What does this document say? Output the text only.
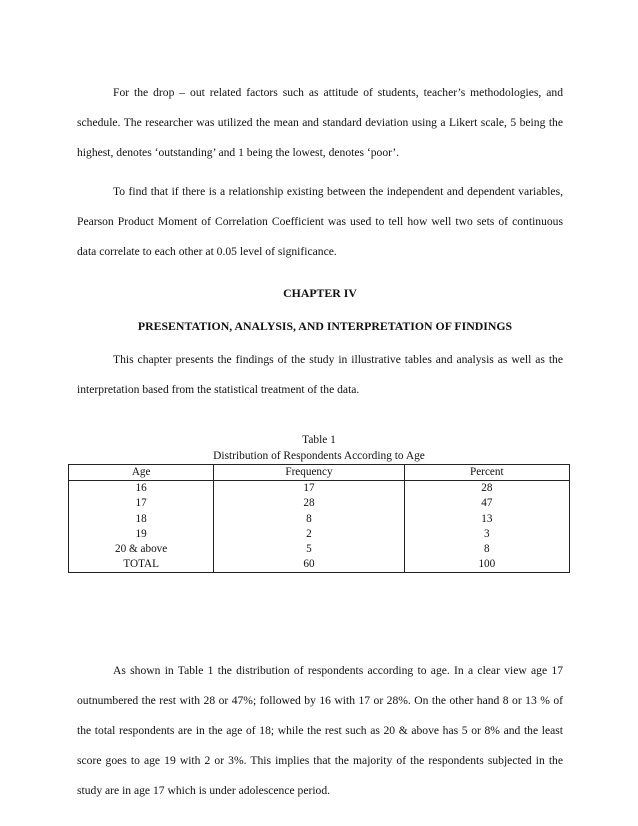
For the drop – out related factors such as attitude of students, teacher’s methodologies, and schedule. The researcher was utilized the mean and standard deviation using a Likert scale, 5 being the highest, denotes ‘outstanding’ and 1 being the lowest, denotes ‘poor’.

To find that if there is a relationship existing between the independent and dependent variables, Pearson Product Moment of Correlation Coefficient was used to tell how well two sets of continuous data correlate to each other at 0.05 level of significance.

CHAPTER IV
PRESENTATION, ANALYSIS, AND INTERPRETATION OF FINDINGS

This chapter presents the findings of the study in illustrative tables and analysis as well as the interpretation based from the statistical treatment of the data.

Table 1

Distribution of Respondents According to Age

Age	Frequency	Percent
16	17	28
17	28	47
18	8	13
19	2	3
20 & above	5	8
TOTAL	60	100

As shown in Table 1 the distribution of respondents according to age. In a clear view age 17 outnumbered the rest with 28 or 47%; followed by 16 with 17 or 28%. On the other hand 8 or 13 % of the total respondents are in the age of 18; while the rest such as 20 & above has 5 or 8% and the least score goes to age 19 with 2 or 3%. This implies that the majority of the respondents subjected in the study are in age 17 which is under adolescence period.
